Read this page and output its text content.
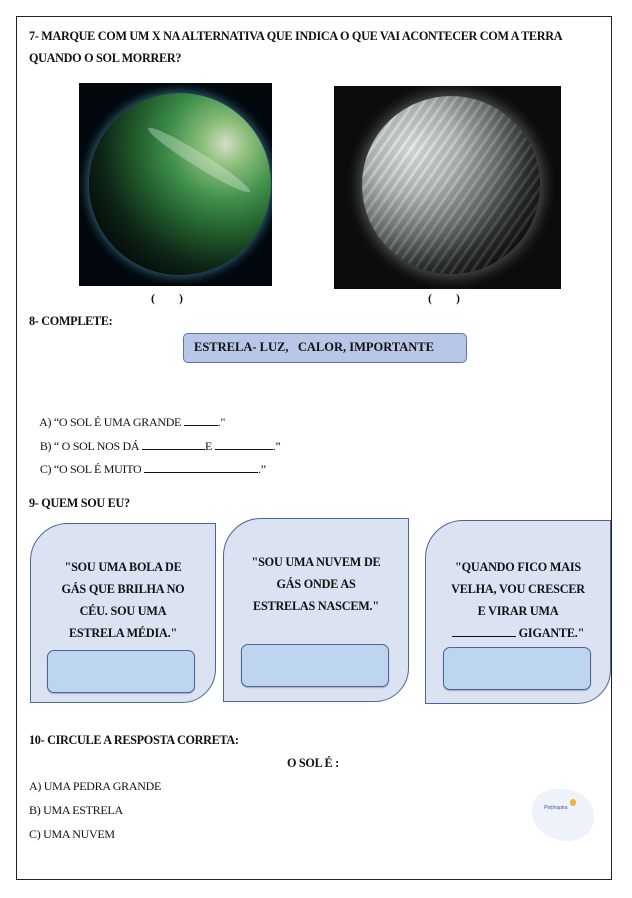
7- MARQUE COM UM X NA ALTERNATIVA QUE INDICA O QUE VAI ACONTECER COM A TERRA
QUANDO O SOL MORRER?
(        )	(        )
8- COMPLETE:
ESTRELA- LUZ,   CALOR, IMPORTANTE

A) “O SOL É UMA GRANDE	."

B) “ O SOL NOS DÁ	E	.”

C) “O SOL É MUITO	.”

9- QUEM SOU EU?
"SOU UMA BOLA DE
GÁS QUE BRILHA NO
CÉU. SOU UMA
ESTRELA MÉDIA."
"SOU UMA NUVEM DE
GÁS ONDE AS
ESTRELAS NASCEM."
"QUANDO FICO MAIS
VELHA, VOU CRESCER
E VIRAR UMA
GIGANTE."
10- CIRCULE A RESPOSTA CORRETA:
O SOL É :
A) UMA PEDRA GRANDE
B) UMA ESTRELA
C) UMA NUVEM
Pin|Inspira
